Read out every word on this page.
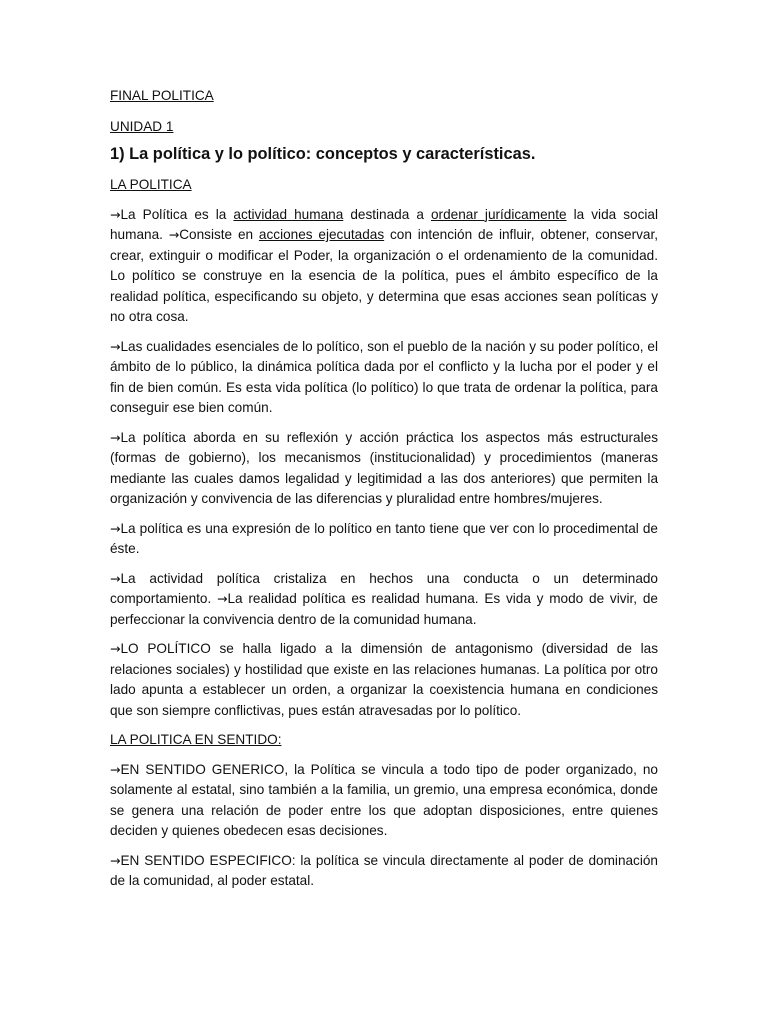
FINAL POLITICA

UNIDAD 1

1) La política y lo político: conceptos y características.

LA POLITICA

→La Política es la actividad humana destinada a ordenar jurídicamente la vida social humana. →Consiste en acciones ejecutadas con intención de influir, obtener, conservar, crear, extinguir o modificar el Poder, la organización o el ordenamiento de la comunidad. Lo político se construye en la esencia de la política, pues el ámbito específico de la realidad política, especificando su objeto, y determina que esas acciones sean políticas y no otra cosa.

→Las cualidades esenciales de lo político, son el pueblo de la nación y su poder político, el ámbito de lo público, la dinámica política dada por el conflicto y la lucha por el poder y el fin de bien común. Es esta vida política (lo político) lo que trata de ordenar la política, para conseguir ese bien común.

→La política aborda en su reflexión y acción práctica los aspectos más estructurales (formas de gobierno), los mecanismos (institucionalidad) y procedimientos (maneras mediante las cuales damos legalidad y legitimidad a las dos anteriores) que permiten la organización y convivencia de las diferencias y pluralidad entre hombres/mujeres.

→La política es una expresión de lo político en tanto tiene que ver con lo procedimental de éste.

→La actividad política cristaliza en hechos una conducta o un determinado comportamiento. →La realidad política es realidad humana. Es vida y modo de vivir, de perfeccionar la convivencia dentro de la comunidad humana.

→LO POLÍTICO se halla ligado a la dimensión de antagonismo (diversidad de las relaciones sociales) y hostilidad que existe en las relaciones humanas. La política por otro lado apunta a establecer un orden, a organizar la coexistencia humana en condiciones que son siempre conflictivas, pues están atravesadas por lo político.

LA POLITICA EN SENTIDO:

→EN SENTIDO GENERICO, la Política se vincula a todo tipo de poder organizado, no solamente al estatal, sino también a la familia, un gremio, una empresa económica, donde se genera una relación de poder entre los que adoptan disposiciones, entre quienes deciden y quienes obedecen esas decisiones.

→EN SENTIDO ESPECIFICO: la política se vincula directamente al poder de dominación de la comunidad, al poder estatal.
